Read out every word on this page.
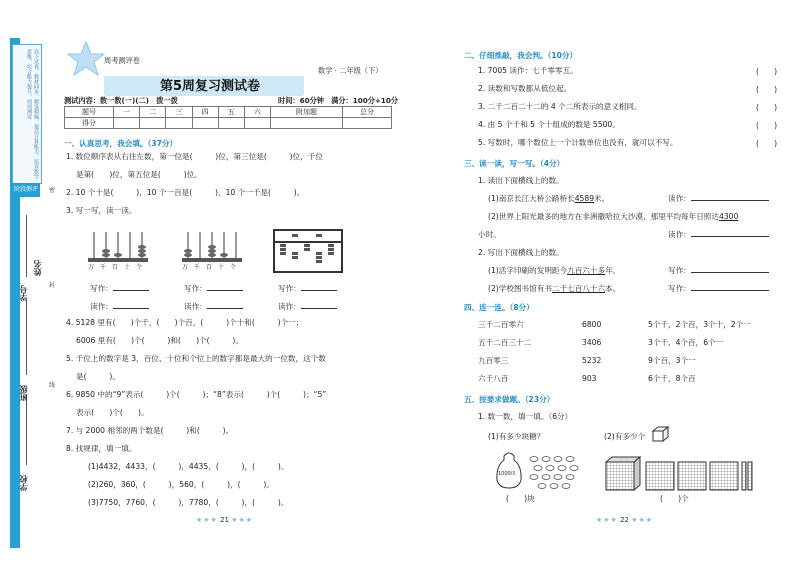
以下试卷，教材同步，精选精编，提高计算能力，培养数学思维，综合能力提升，周周测试
阶段测评
学校
班级
学号
姓名
密
封
线
周考测评卷
第5周复习测试卷
数学 · 二年级（下）
测试内容：数一数(一)(二)　拨一拨	时间：60分钟　满分：100分+10分
题号	一	二	三	四	五	六	附加题	总分
得分								
一、认真思考，我会填。（37分）
1. 数位顺序表从右往左数，第一位是(　　　)位，第三位是(　　　)位，千位
是第(　　)位，第五位是(　　　)位。
2. 10 个十是(　　　)，10 个一百是(　　　)，10 个一千是(　　　)。
3. 写一写，读一读。
万千百十个	万千百十个
写作：	写作：	写作：
读作：	读作：	读作：
4. 5128 里有(　　)个千，(　　)个百，(　　　)个十和(　　　)个一；
6006 里有(　　)个(　　　)和(　　)个(　　　)。
5. 千位上的数字是 3，百位、十位和个位上的数字都是最大的一位数，这个数
是(　　　)。
6. 9850 中的“9”表示(　　　)个(　　　)；“8”表示(　　　)个(　　　)；“5”
表示(　　)个(　　)。
7. 与 2000 相邻的两个数是(　　　)和(　　　)。
8. 找规律，填一填。
(1)4432，4433，(　　　)，4435，(　　　)，(　　　)。
(2)260，360，(　　　)，560，(　　　)，(　　　)。
(3)7750，7760，(　　　)，7780，(　　　)，(　　　)。
★★★ 21 ★★★
二、仔细推敲，我会判。（10分）
1. 7005 读作：七千零零五。	(　　)
2. 读数和写数都从低位起。	(　　)
3. 二千二百二十二的 4 个二所表示的意义相同。	(　　)
4. 由 5 个千和 5 个十组成的数是 5500。	(　　)
5. 写数时，哪个数位上一个计数单位也没有，就可以不写。	(　　)
三、读一读，写一写。（4分）
1. 读出下面横线上的数。
(1)南京长江大桥公路桥长4589米。	读作：
(2)世界上阳光最多的地方在非洲撒哈拉大沙漠，那里平均每年日照达4300
小时。	读作：
2. 写出下面横线上的数。
(1)活字印刷的发明距今九百六十多年。	写作：
(2)学校图书馆有书二千七百八十六本。	写作：
四、连一连。（8分）
三千二百零六
五千二百三十二
九百零三
六千八百
6800
3406
5232
903
5个千，2个百，3个十，2个一
3个千，4个百，6个一
9个百，3个一
6个千，8个百
五、按要求做题。（23分）
1. 数一数，填一填。（6分）
(1)有多少块糖？	(2)有多少个
1000块
(　　)块	(　　)个
★★★ 22 ★★★
